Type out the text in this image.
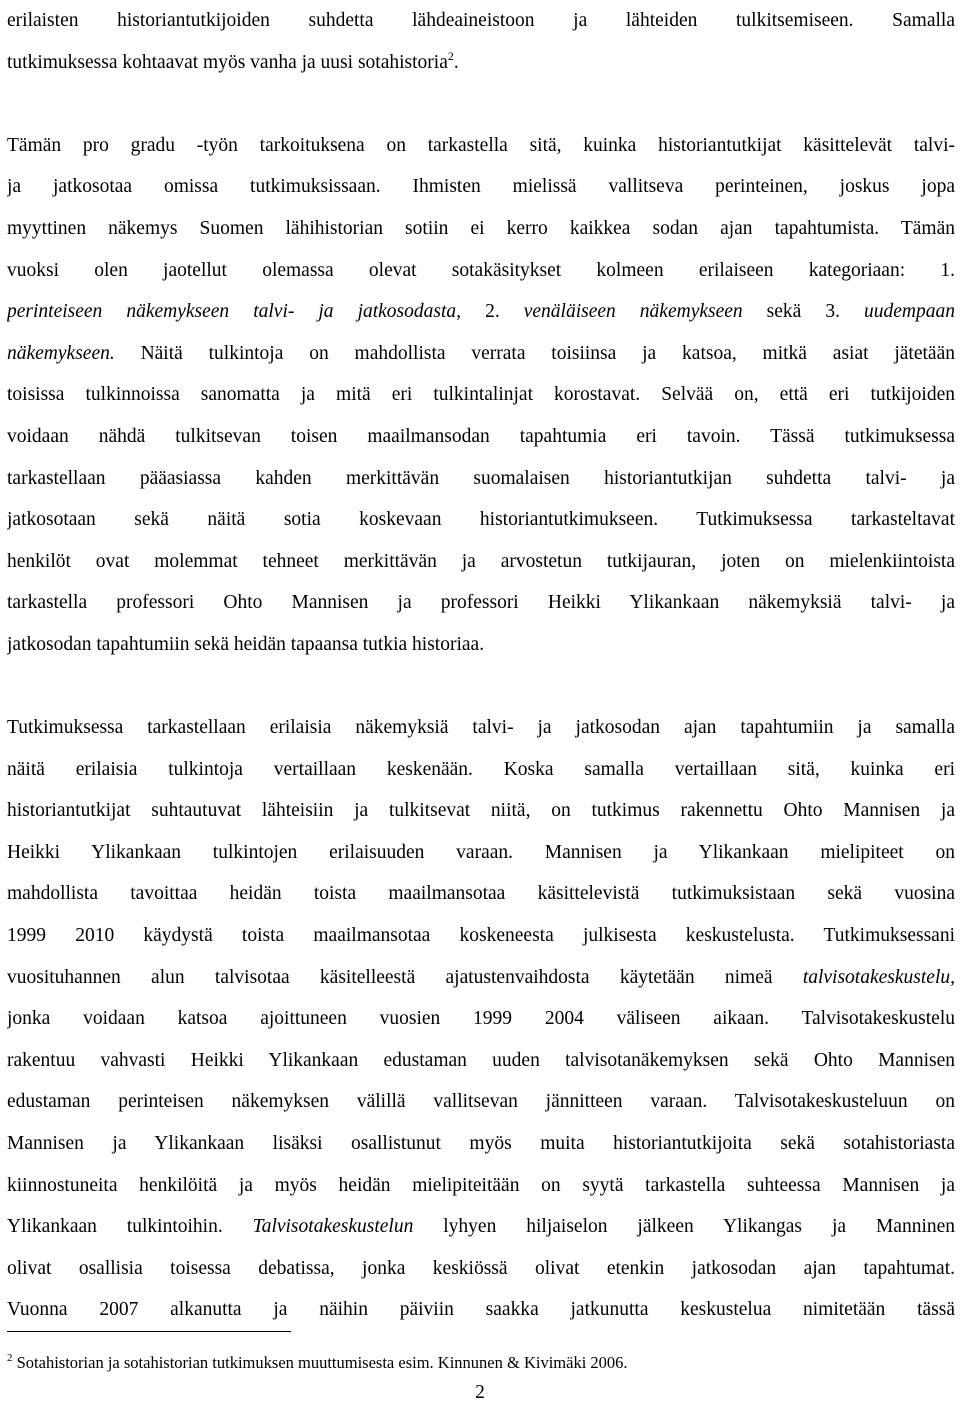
erilaisten historiantutkijoiden suhdetta lähdeaineistoon ja lähteiden tulkitsemiseen. Samalla
tutkimuksessa kohtaavat myös vanha ja uusi sotahistoria$^2$.
Tämän pro gradu -työn tarkoituksena on tarkastella sitä, kuinka historiantutkijat käsittelevät talvi-
ja jatkosotaa omissa tutkimuksissaan. Ihmisten mielissä vallitseva perinteinen, joskus jopa
myyttinen näkemys Suomen lähihistorian sotiin ei kerro kaikkea sodan ajan tapahtumista. Tämän
vuoksi olen jaotellut olemassa olevat sotakäsitykset kolmeen erilaiseen kategoriaan: 1.
perinteiseen näkemykseen talvi- ja jatkosodasta, 2. venäläiseen näkemykseen sekä 3. uudempaan
näkemykseen. Näitä tulkintoja on mahdollista verrata toisiinsa ja katsoa, mitkä asiat jätetään
toisissa tulkinnoissa sanomatta ja mitä eri tulkintalinjat korostavat. Selvää on, että eri tutkijoiden
voidaan nähdä tulkitsevan toisen maailmansodan tapahtumia eri tavoin. Tässä tutkimuksessa
tarkastellaan pääasiassa kahden merkittävän suomalaisen historiantutkijan suhdetta talvi- ja
jatkosotaan sekä näitä sotia koskevaan historiantutkimukseen. Tutkimuksessa tarkasteltavat
henkilöt ovat molemmat tehneet merkittävän ja arvostetun tutkijauran, joten on mielenkiintoista
tarkastella professori Ohto Mannisen ja professori Heikki Ylikankaan näkemyksiä talvi- ja
jatkosodan tapahtumiin sekä heidän tapaansa tutkia historiaa.
Tutkimuksessa tarkastellaan erilaisia näkemyksiä talvi- ja jatkosodan ajan tapahtumiin ja samalla
näitä erilaisia tulkintoja vertaillaan keskenään. Koska samalla vertaillaan sitä, kuinka eri
historiantutkijat suhtautuvat lähteisiin ja tulkitsevat niitä, on tutkimus rakennettu Ohto Mannisen ja
Heikki Ylikankaan tulkintojen erilaisuuden varaan. Mannisen ja Ylikankaan mielipiteet on
mahdollista tavoittaa heidän toista maailmansotaa käsittelevistä tutkimuksistaan sekä vuosina
1999 2010 käydystä toista maailmansotaa koskeneesta julkisesta keskustelusta. Tutkimuksessani
vuosituhannen alun talvisotaa käsitelleestä ajatustenvaihdosta käytetään nimeä talvisotakeskustelu,
jonka voidaan katsoa ajoittuneen vuosien 1999 2004 väliseen aikaan. Talvisotakeskustelu
rakentuu vahvasti Heikki Ylikankaan edustaman uuden talvisotanäkemyksen sekä Ohto Mannisen
edustaman perinteisen näkemyksen välillä vallitsevan jännitteen varaan. Talvisotakeskusteluun on
Mannisen ja Ylikankaan lisäksi osallistunut myös muita historiantutkijoita sekä sotahistoriasta
kiinnostuneita henkilöitä ja myös heidän mielipiteitään on syytä tarkastella suhteessa Mannisen ja
Ylikankaan tulkintoihin. Talvisotakeskustelun lyhyen hiljaiselon jälkeen Ylikangas ja Manninen
olivat osallisia toisessa debatissa, jonka keskiössä olivat etenkin jatkosodan ajan tapahtumat.
Vuonna 2007 alkanutta ja näihin päiviin saakka jatkunutta keskustelua nimitetään tässä
$^2$ Sotahistorian ja sotahistorian tutkimuksen muuttumisesta esim. Kinnunen & Kivimäki 2006.
2
